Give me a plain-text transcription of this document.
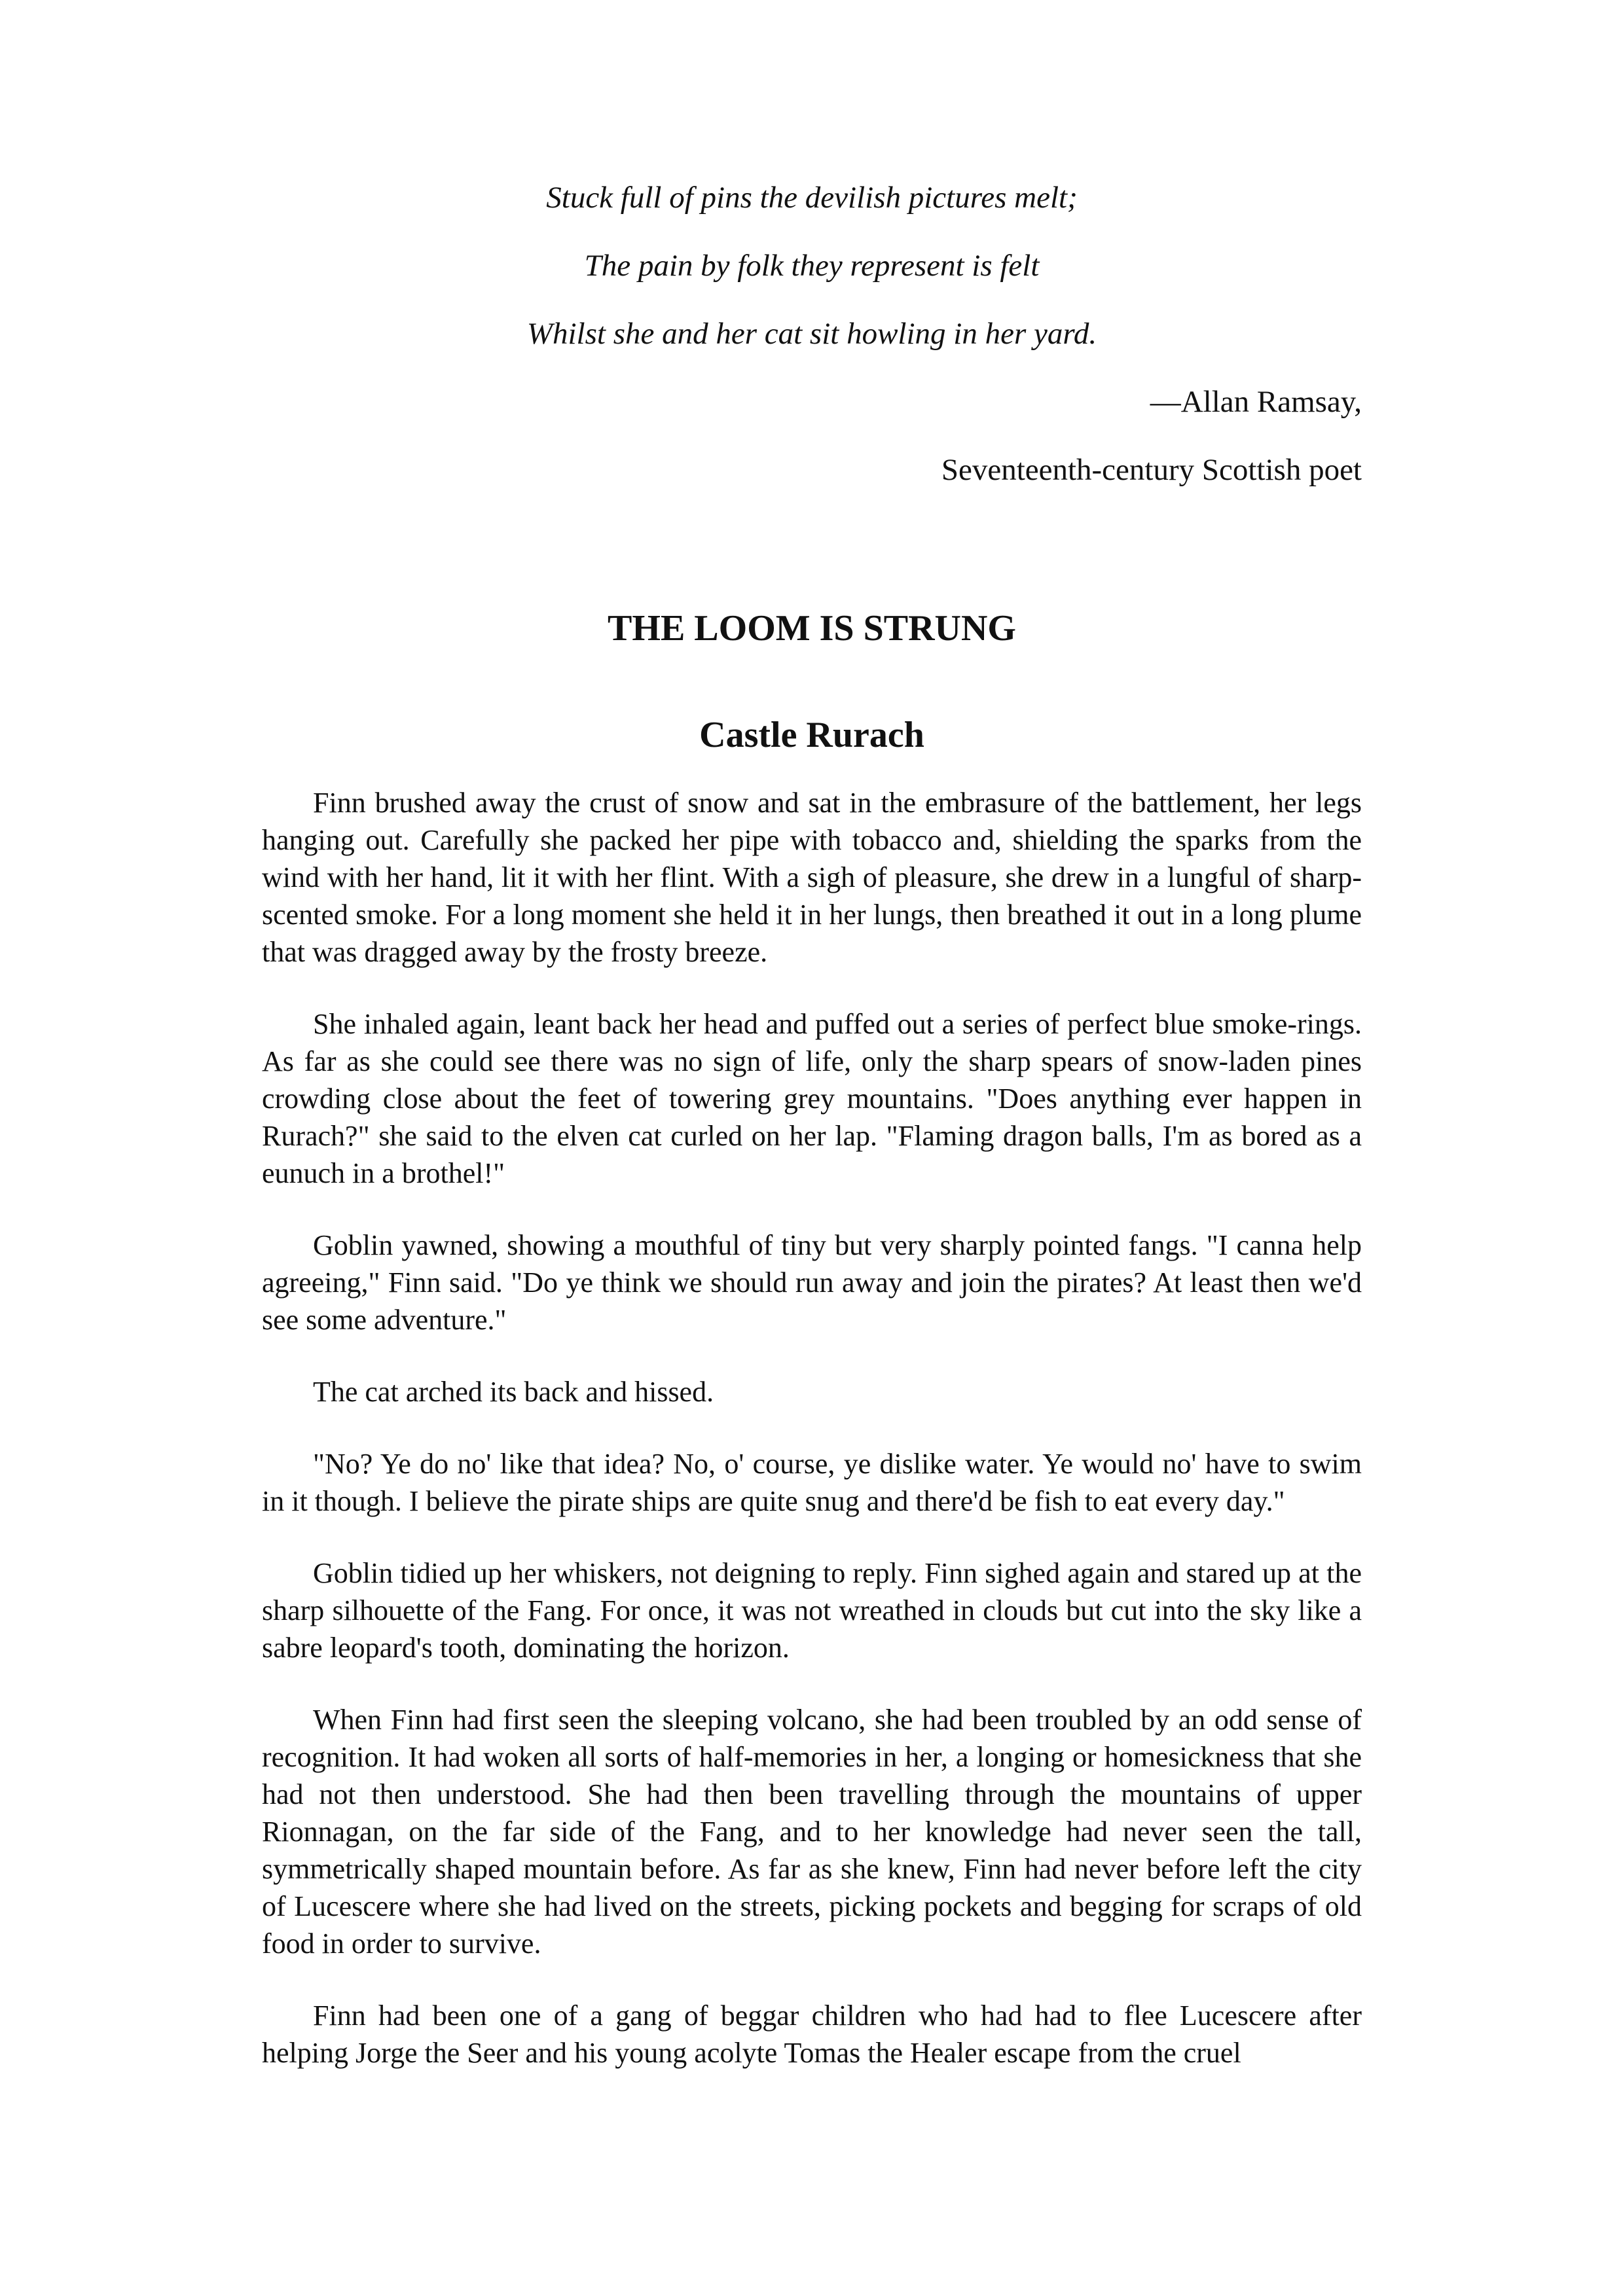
Stuck full of pins the devilish pictures melt;

The pain by folk they represent is felt

Whilst she and her cat sit howling in her yard.

—Allan Ramsay,

Seventeenth-century Scottish poet

THE LOOM IS STRUNG
Castle Rurach

Finn brushed away the crust of snow and sat in the embrasure of the battlement, her legs hanging out. Carefully she packed her pipe with tobacco and, shielding the sparks from the wind with her hand, lit it with her flint. With a sigh of pleasure, she drew in a lungful of sharp-scented smoke. For a long moment she held it in her lungs, then breathed it out in a long plume that was dragged away by the frosty breeze.

She inhaled again, leant back her head and puffed out a series of perfect blue smoke-rings. As far as she could see there was no sign of life, only the sharp spears of snow-laden pines crowding close about the feet of towering grey mountains. "Does anything ever happen in Rurach?" she said to the elven cat curled on her lap. "Flaming dragon balls, I'm as bored as a eunuch in a brothel!"

Goblin yawned, showing a mouthful of tiny but very sharply pointed fangs. "I canna help agreeing," Finn said. "Do ye think we should run away and join the pirates? At least then we'd see some adventure."

The cat arched its back and hissed.

"No? Ye do no' like that idea? No, o' course, ye dislike water. Ye would no' have to swim in it though. I believe the pirate ships are quite snug and there'd be fish to eat every day."

Goblin tidied up her whiskers, not deigning to reply. Finn sighed again and stared up at the sharp silhouette of the Fang. For once, it was not wreathed in clouds but cut into the sky like a sabre leopard's tooth, dominating the horizon.

When Finn had first seen the sleeping volcano, she had been troubled by an odd sense of recognition. It had woken all sorts of half-memories in her, a longing or homesickness that she had not then understood. She had then been travelling through the mountains of upper Rionnagan, on the far side of the Fang, and to her knowledge had never seen the tall, symmetrically shaped mountain before. As far as she knew, Finn had never before left the city of Lucescere where she had lived on the streets, picking pockets and begging for scraps of old food in order to survive.

Finn had been one of a gang of beggar children who had had to flee Lucescere after helping Jorge the Seer and his young acolyte Tomas the Healer escape from the cruel
